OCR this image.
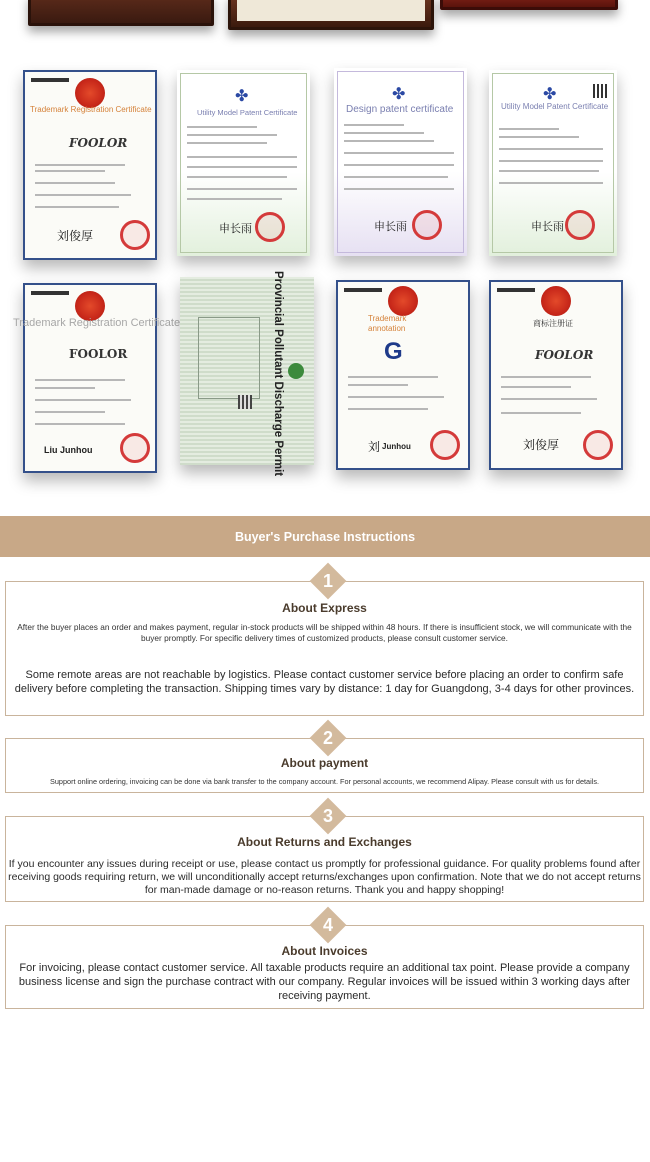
Trademark Registration Certificate
FOOLOR
刘俊厚
✤
Utility Model Patent Certificate
申长雨
✤
Design patent certificate
申长雨
✤
Utility Model Patent Certificate
申长雨
FOOLOR
Trademark Registration Certificate
Liu Junhou	Provincial Pollutant Discharge Permit	Trademark annotation
G
刘 Junhou
商标注册证
FOOLOR
刘俊厚
Buyer's Purchase Instructions
About Express
After the buyer places an order and makes payment, regular in-stock products will be shipped within 48 hours. If there is insufficient stock, we will communicate with the buyer promptly. For specific delivery times of customized products, please consult customer service.
Some remote areas are not reachable by logistics. Please contact customer service before placing an order to confirm safe delivery before completing the transaction. Shipping times vary by distance: 1 day for Guangdong, 3-4 days for other provinces.
1
About payment
Support online ordering, invoicing can be done via bank transfer to the company account. For personal accounts, we recommend Alipay. Please consult with us for details.
2
About Returns and Exchanges
If you encounter any issues during receipt or use, please contact us promptly for professional guidance. For quality problems found after receiving goods requiring return, we will unconditionally accept returns/exchanges upon confirmation. Note that we do not accept returns for man-made damage or no-reason returns. Thank you and happy shopping!
3
About Invoices
For invoicing, please contact customer service. All taxable products require an additional tax point. Please provide a company business license and sign the purchase contract with our company. Regular invoices will be issued within 3 working days after receiving payment.
4
